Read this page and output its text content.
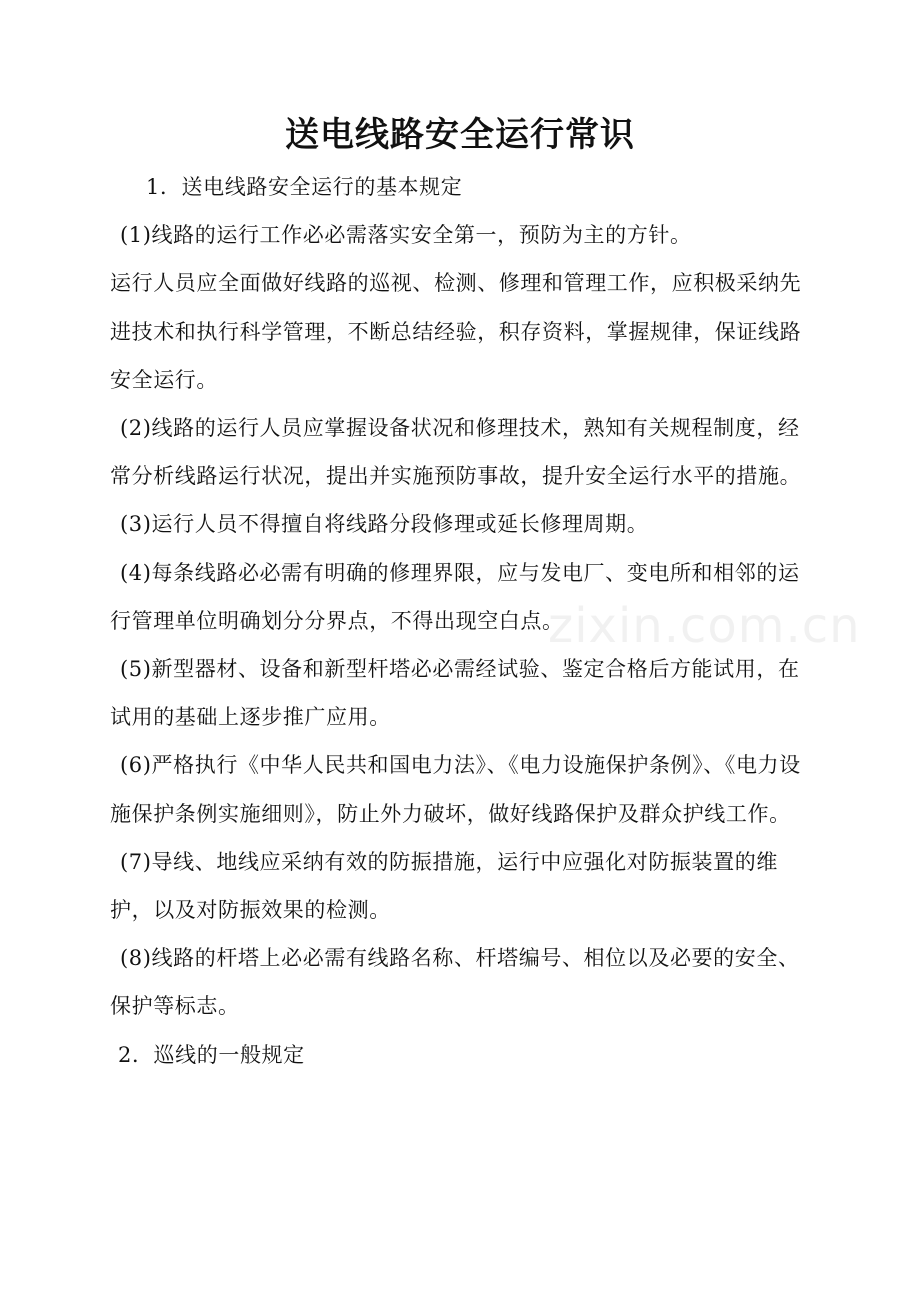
送电线路安全运行常识

1．送电线路安全运行的基本规定

(1)线路的运行工作必必需落实安全第一，预防为主的方针。

运行人员应全面做好线路的巡视、检测、修理和管理工作，应积极采纳先进技术和执行科学管理，不断总结经验，积存资料，掌握规律，保证线路安全运行。

(2)线路的运行人员应掌握设备状况和修理技术，熟知有关规程制度，经常分析线路运行状况，提出并实施预防事故，提升安全运行水平的措施。

(3)运行人员不得擅自将线路分段修理或延长修理周期。

(4)每条线路必必需有明确的修理界限，应与发电厂、变电所和相邻的运行管理单位明确划分分界点，不得出现空白点。

(5)新型器材、设备和新型杆塔必必需经试验、鉴定合格后方能试用，在试用的基础上逐步推广应用。

(6)严格执行《中华人民共和国电力法》、《电力设施保护条例》、《电力设施保护条例实施细则》，防止外力破坏，做好线路保护及群众护线工作。

(7)导线、地线应采纳有效的防振措施，运行中应强化对防振装置的维护，以及对防振效果的检测。

(8)线路的杆塔上必必需有线路名称、杆塔编号、相位以及必要的安全、保护等标志。

2．巡线的一般规定

zixin.com.cn
